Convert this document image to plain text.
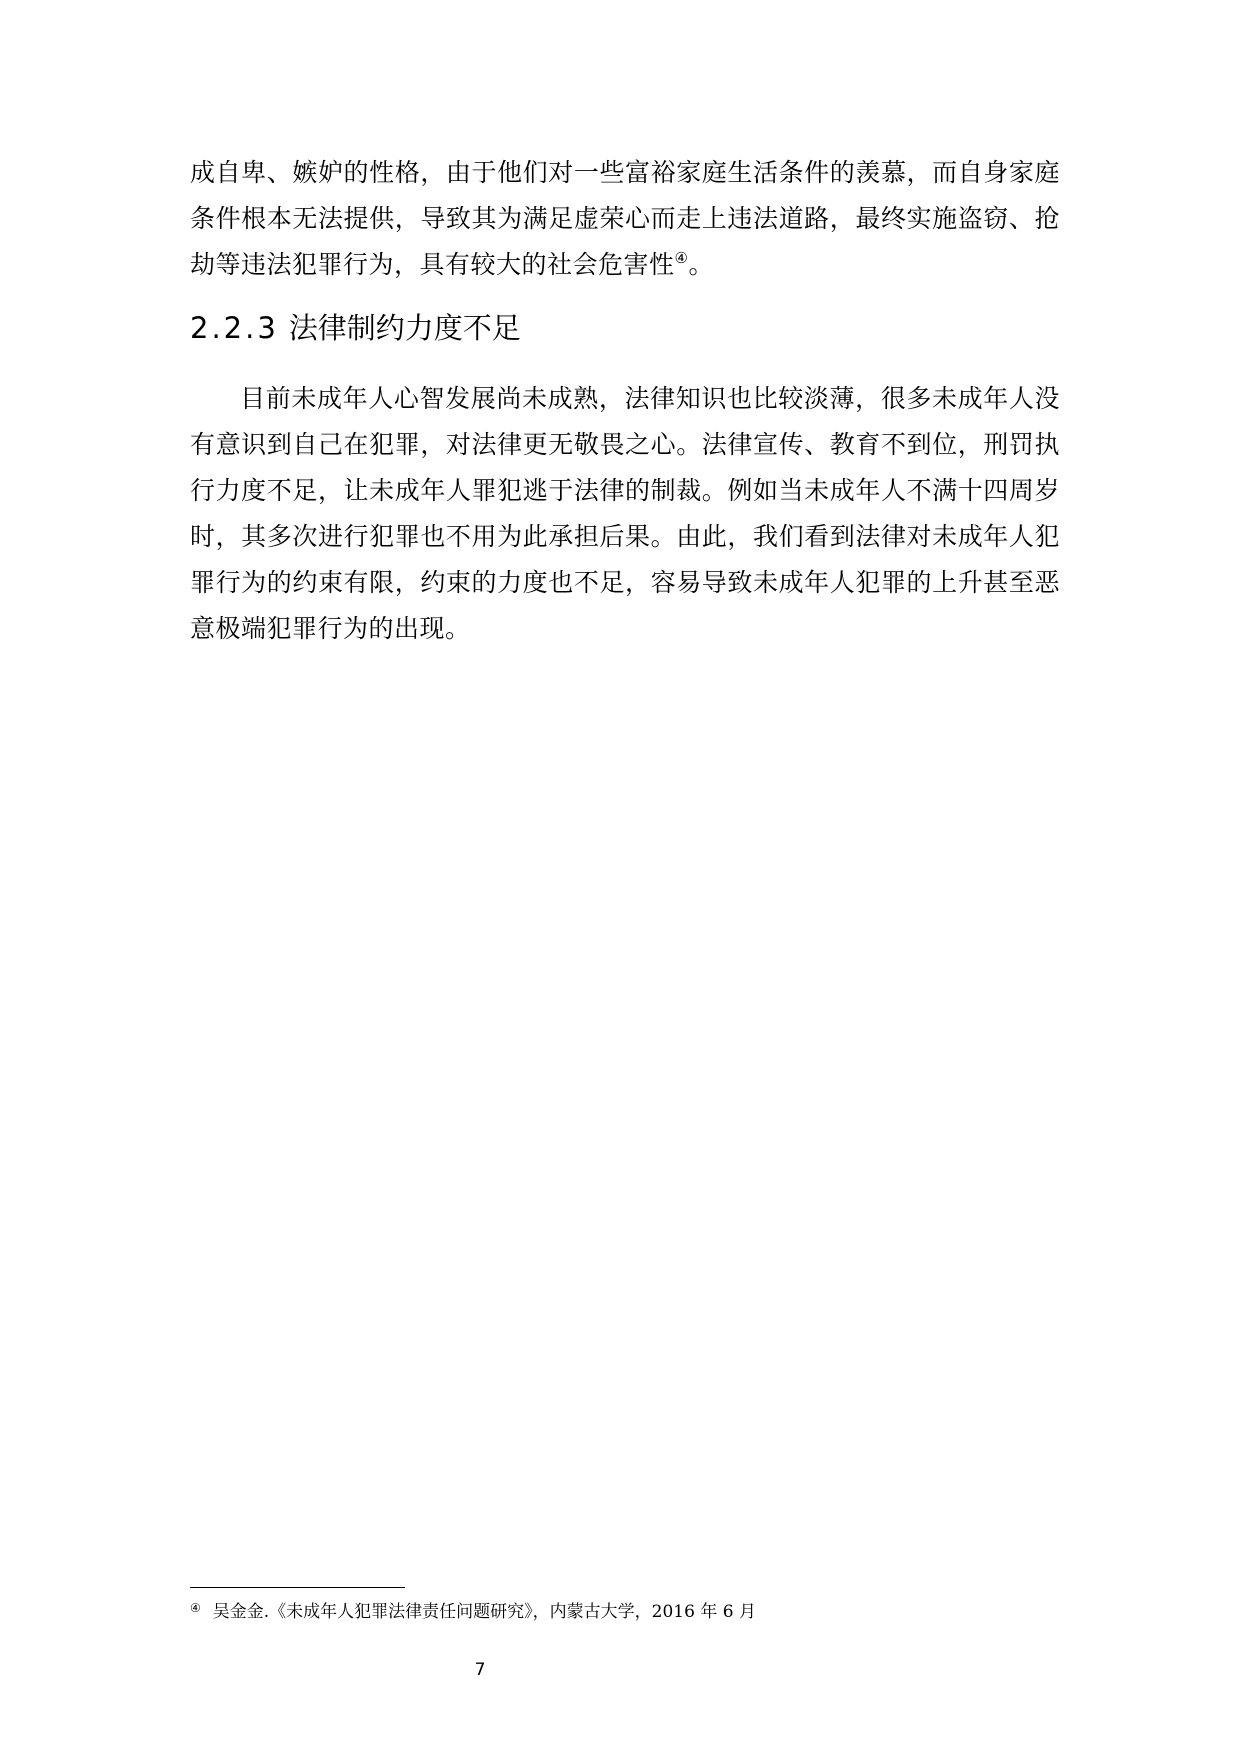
成自卑、嫉妒的性格，由于他们对一些富裕家庭生活条件的羡慕，而自身家庭
条件根本无法提供，导致其为满足虚荣心而走上违法道路，最终实施盗窃、抢
劫等违法犯罪行为，具有较大的社会危害性④。

2.2.3 法律制约力度不足

目前未成年人心智发展尚未成熟，法律知识也比较淡薄，很多未成年人没
有意识到自己在犯罪，对法律更无敬畏之心。法律宣传、教育不到位，刑罚执
行力度不足，让未成年人罪犯逃于法律的制裁。例如当未成年人不满十四周岁
时，其多次进行犯罪也不用为此承担后果。由此，我们看到法律对未成年人犯
罪行为的约束有限，约束的力度也不足，容易导致未成年人犯罪的上升甚至恶
意极端犯罪行为的出现。

④ 吴金金.《未成年人犯罪法律责任问题研究》，内蒙古大学，2016 年 6 月
7
